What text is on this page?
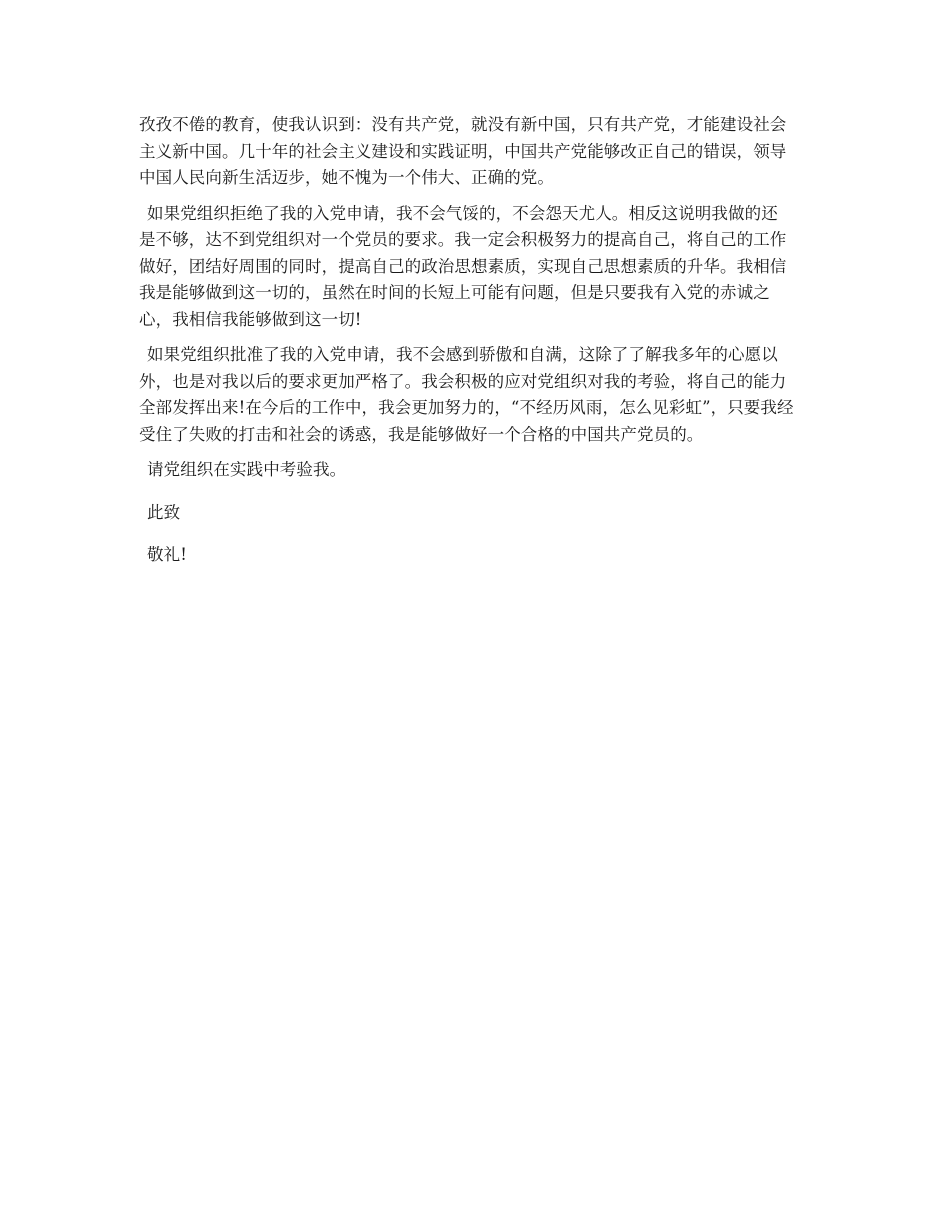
孜孜不倦的教育，使我认识到：没有共产党，就没有新中国，只有共产党，才能建设社会
主义新中国。几十年的社会主义建设和实践证明，中国共产党能够改正自己的错误，领导
中国人民向新生活迈步，她不愧为一个伟大、正确的党。

如果党组织拒绝了我的入党申请，我不会气馁的，不会怨天尤人。相反这说明我做的还
是不够，达不到党组织对一个党员的要求。我一定会积极努力的提高自己，将自己的工作
做好，团结好周围的同时，提高自己的政治思想素质，实现自己思想素质的升华。我相信
我是能够做到这一切的，虽然在时间的长短上可能有问题，但是只要我有入党的赤诚之
心，我相信我能够做到这一切!

如果党组织批准了我的入党申请，我不会感到骄傲和自满，这除了了解我多年的心愿以
外，也是对我以后的要求更加严格了。我会积极的应对党组织对我的考验，将自己的能力
全部发挥出来!在今后的工作中，我会更加努力的，“不经历风雨，怎么见彩虹”，只要我经
受住了失败的打击和社会的诱惑，我是能够做好一个合格的中国共产党员的。

请党组织在实践中考验我。

此致

敬礼!
